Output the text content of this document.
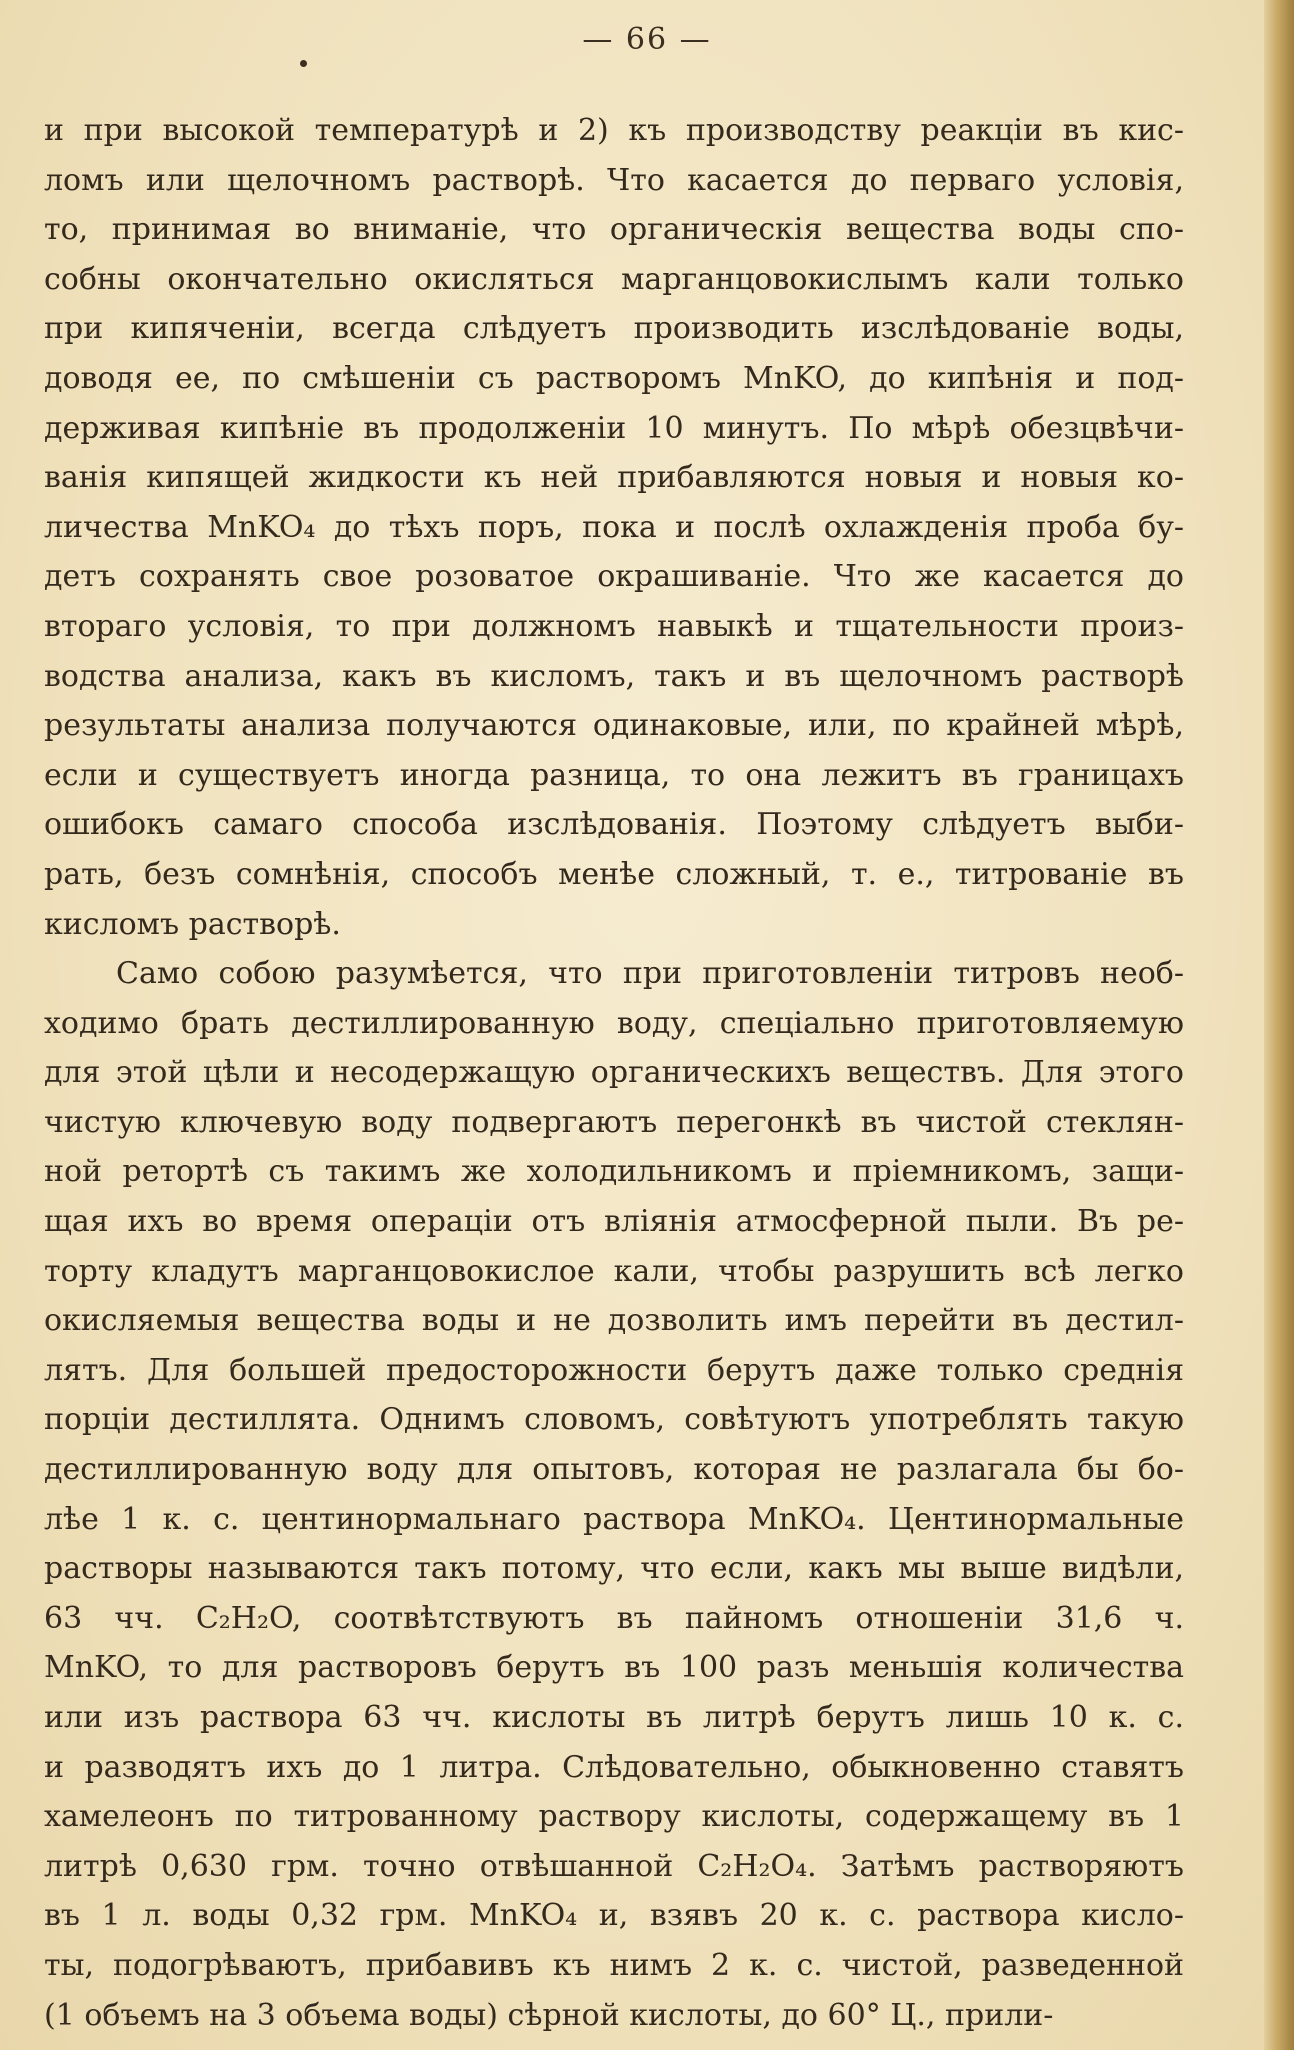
— 66 —
и при высокой температурѣ и 2) къ производству реакціи въ кис-
ломъ или щелочномъ растворѣ. Что касается до перваго условія,
то, принимая во вниманіе, что органическія вещества воды спо-
собны окончательно окисляться марганцовокислымъ кали только
при кипяченіи, всегда слѣдуетъ производить изслѣдованіе воды,
доводя ее, по смѣшеніи съ растворомъ MnKO, до кипѣнія и под-
держивая кипѣніе въ продолженіи 10 минутъ. По мѣрѣ обезцвѣчи-
ванія кипящей жидкости къ ней прибавляются новыя и новыя ко-
личества MnKO₄ до тѣхъ поръ, пока и послѣ охлажденія проба бу-
детъ сохранять свое розоватое окрашиваніе. Что же касается до
втораго условія, то при должномъ навыкѣ и тщательности произ-
водства анализа, какъ въ кисломъ, такъ и въ щелочномъ растворѣ
результаты анализа получаются одинаковые, или, по крайней мѣрѣ,
если и существуетъ иногда разница, то она лежитъ въ границахъ
ошибокъ самаго способа изслѣдованія. Поэтому слѣдуетъ выби-
рать, безъ сомнѣнія, способъ менѣе сложный, т. е., титрованіе въ
кисломъ растворѣ.
Само собою разумѣется, что при приготовленіи титровъ необ-
ходимо брать дестиллированную воду, спеціально приготовляемую
для этой цѣли и несодержащую органическихъ веществъ. Для этого
чистую ключевую воду подвергаютъ перегонкѣ въ чистой стеклян-
ной ретортѣ съ такимъ же холодильникомъ и пріемникомъ, защи-
щая ихъ во время операціи отъ вліянія атмосферной пыли. Въ ре-
торту кладутъ марганцовокислое кали, чтобы разрушить всѣ легко
окисляемыя вещества воды и не дозволить имъ перейти въ дестил-
лятъ. Для большей предосторожности берутъ даже только среднія
порціи дестиллята. Однимъ словомъ, совѣтуютъ употреблять такую
дестиллированную воду для опытовъ, которая не разлагала бы бо-
лѣе 1 к. с. центинормальнаго раствора MnKO₄. Центинормальные
растворы называются такъ потому, что если, какъ мы выше видѣли,
63 чч. C₂H₂O, соотвѣтствуютъ въ пайномъ отношеніи 31,6 ч.
MnKO, то для растворовъ берутъ въ 100 разъ меньшія количества
или изъ раствора 63 чч. кислоты въ литрѣ берутъ лишь 10 к. с.
и разводятъ ихъ до 1 литра. Слѣдовательно, обыкновенно ставятъ
хамелеонъ по титрованному раствору кислоты, содержащему въ 1
литрѣ 0,630 грм. точно отвѣшанной C₂H₂O₄. Затѣмъ растворяютъ
въ 1 л. воды 0,32 грм. MnKO₄ и, взявъ 20 к. с. раствора кисло-
ты, подогрѣваютъ, прибавивъ къ нимъ 2 к. с. чистой, разведенной
(1 объемъ на 3 объема воды) сѣрной кислоты, до 60° Ц., прили-
